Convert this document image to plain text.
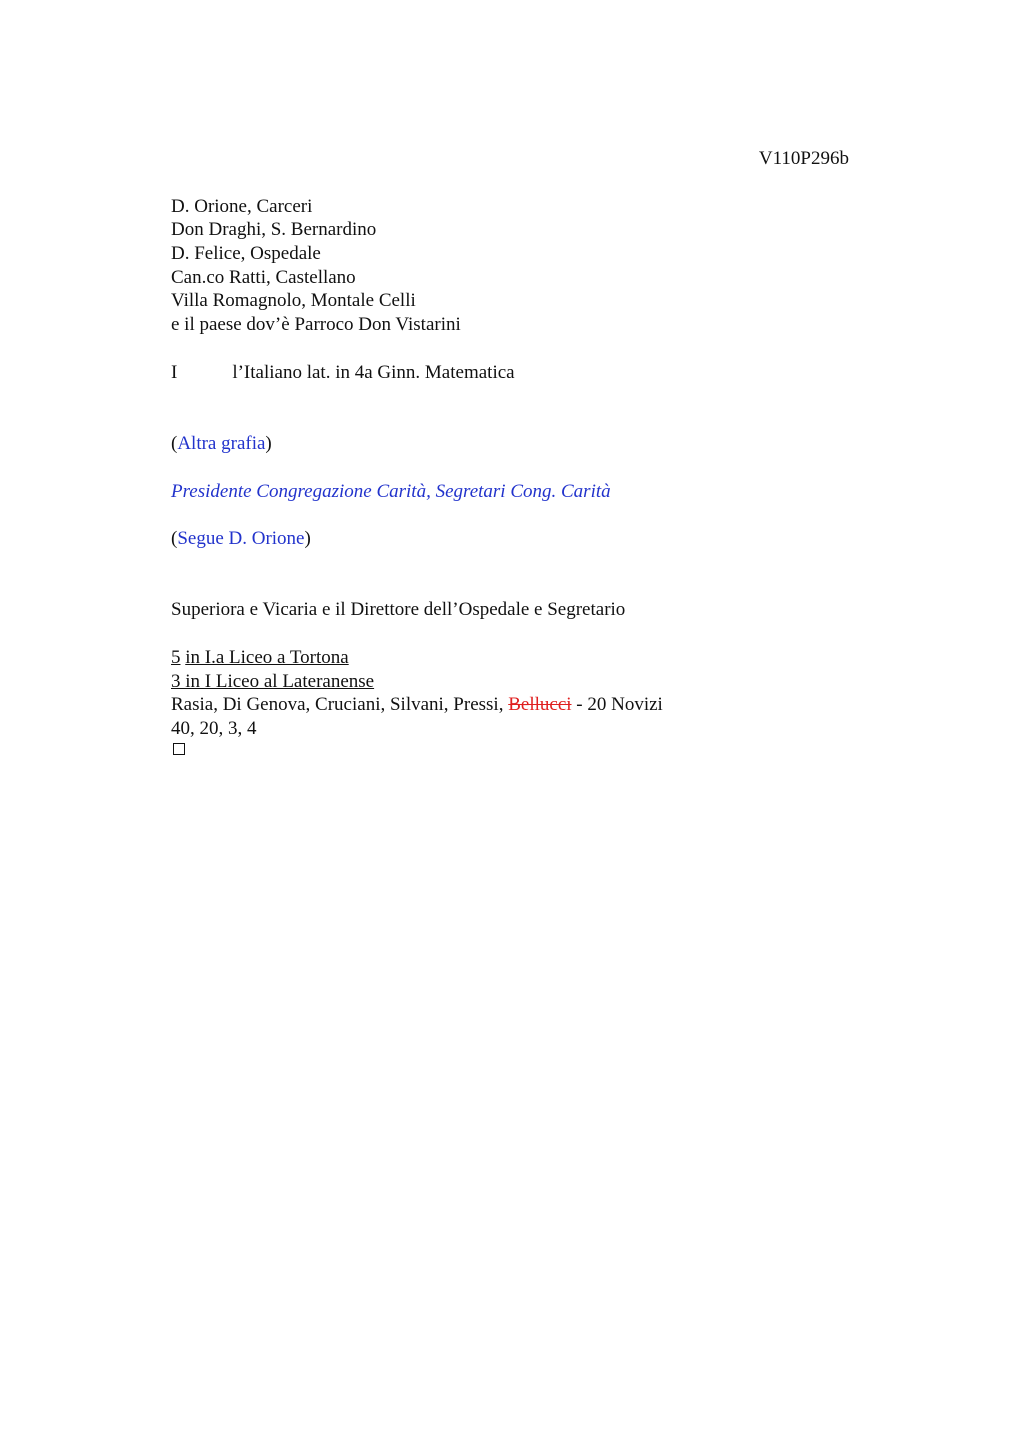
V110P296b
D. Orione, Carceri
Don Draghi, S. Bernardino
D. Felice, Ospedale
Can.co Ratti, Castellano
Villa Romagnolo, Montale Celli
e il paese dov’è Parroco Don Vistarini
I	l’Italiano lat. in 4a Ginn. Matematica
(Altra grafia)
Presidente Congregazione Carità, Segretari Cong. Carità
(Segue D. Orione)
Superiora e Vicaria e il Direttore dell’Ospedale e Segretario
5 in I.a Liceo a Tortona
3 in I Liceo al Lateranense
Rasia, Di Genova, Cruciani, Silvani, Pressi, Bellucci - 20 Novizi
40, 20, 3, 4
